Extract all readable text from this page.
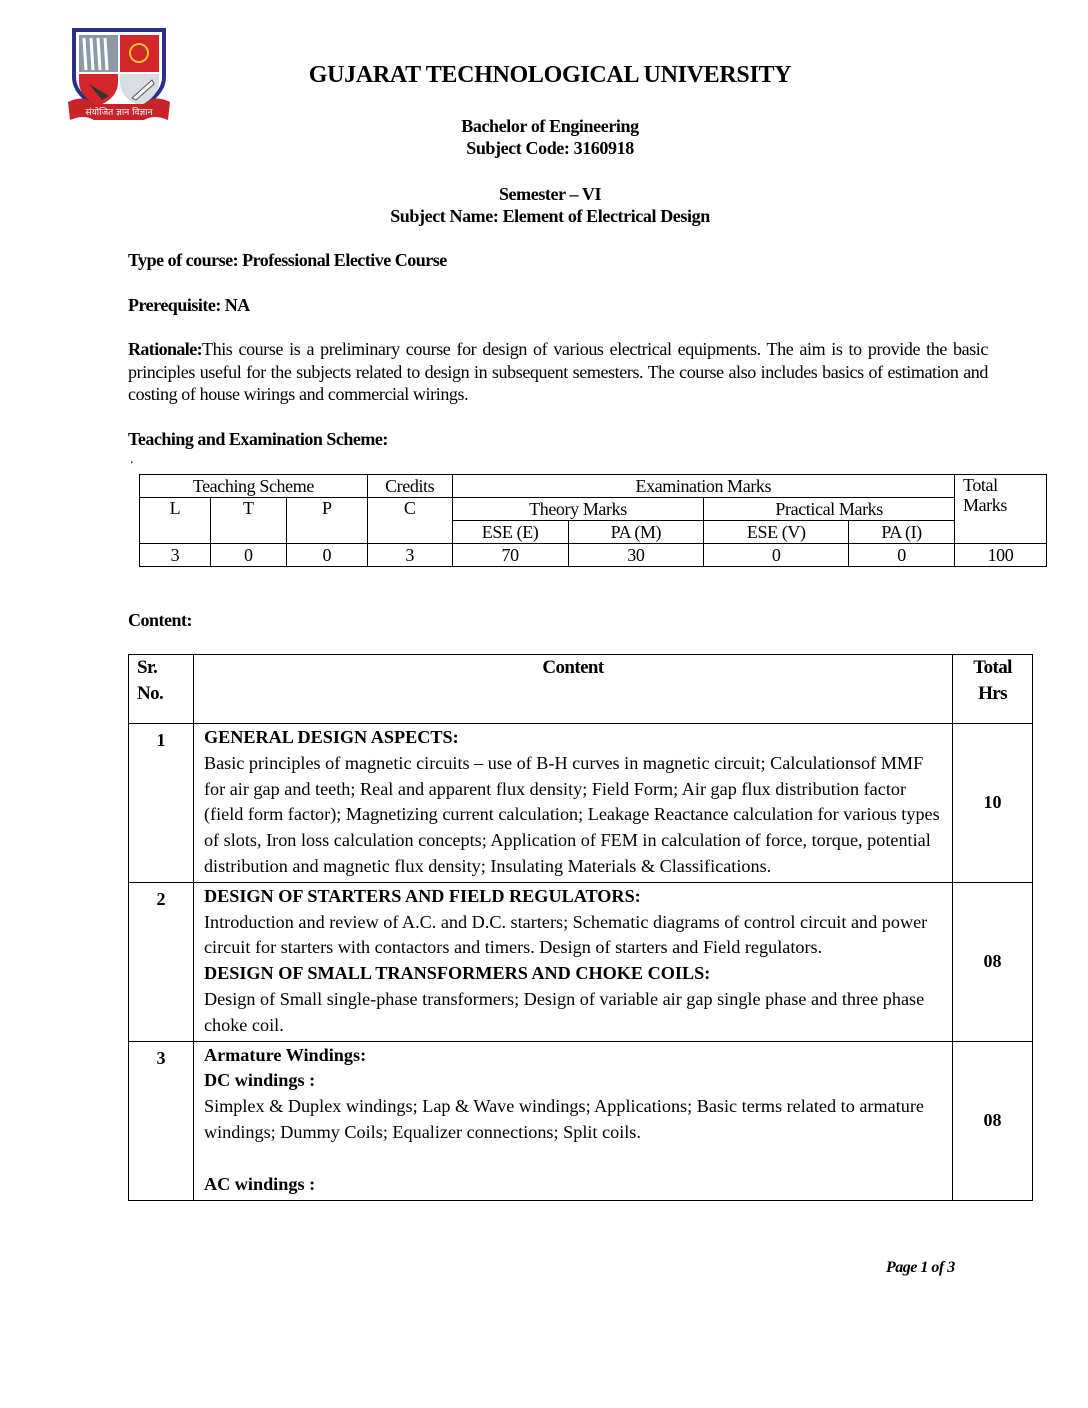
संयोजित ज्ञान विज्ञान
GUJARAT TECHNOLOGICAL UNIVERSITY
Bachelor of Engineering
Subject Code: 3160918
Semester – VI
Subject Name: Element of Electrical Design
Type of course: Professional Elective Course
Prerequisite: NA
Rationale:This course is a preliminary course for design of various electrical equipments. The aim is to provide the basic principles useful for the subjects related to design in subsequent semesters. The course also includes basics of estimation and costing of house wirings and commercial wirings.
Teaching and Examination Scheme:
.
Teaching Scheme			Credits	Examination Marks				Total
Marks

L	T	P	C	Theory Marks		Practical Marks		
				ESE (E)	PA (M)	ESE (V)	PA (I)	
3	0	0	3	70	30	0	0	100
Content:
Sr.
No.
	Content	Total
Hrs

1	GENERAL DESIGN ASPECTS:
Basic principles of magnetic circuits – use of B-H curves in magnetic circuit; Calculationsof MMF for air gap and teeth; Real and apparent flux density; Field Form; Air gap flux distribution factor (field form factor); Magnetizing current calculation; Leakage Reactance calculation for various types of slots, Iron loss calculation concepts; Application of FEM in calculation of force, torque, potential distribution and magnetic flux density; Insulating Materials & Classifications.	10
2	DESIGN OF STARTERS AND FIELD REGULATORS:
Introduction and review of A.C. and D.C. starters; Schematic diagrams of control circuit and power circuit for starters with contactors and timers. Design of starters and Field regulators.
DESIGN OF SMALL TRANSFORMERS AND CHOKE COILS:
Design of Small single-phase transformers; Design of variable air gap single phase and three phase choke coil.	08
3	Armature Windings:
DC windings :
Simplex & Duplex windings; Lap & Wave windings; Applications; Basic terms related to armature windings; Dummy Coils; Equalizer connections; Split coils.
AC windings :	08
Page 1 of 3
